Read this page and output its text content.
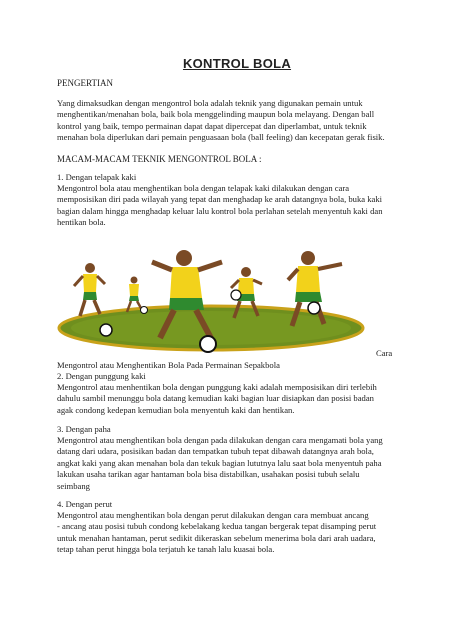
KONTROL BOLA
PENGERTIAN
Yang dimaksudkan dengan mengontrol bola adalah teknik yang digunakan pemain untuk
menghentikan/menahan bola, baik bola menggelinding maupun bola melayang. Dengan ball
kontrol yang baik, tempo permainan dapat dapat dipercepat dan diperlambat, untuk teknik
menahan bola diperlukan dari pemain penguasaan bola (ball feeling) dan kecepatan gerak fisik.
MACAM-MACAM TEKNIK MENGONTROL BOLA :
1. Dengan telapak kaki
Mengontrol bola atau menghentikan bola dengan telapak kaki dilakukan dengan cara
memposisikan diri pada wilayah yang tepat dan menghadap ke arah datangnya bola, buka kaki
bagian dalam hingga menghadap keluar lalu kontrol bola perlahan setelah menyentuh kaki dan
hentikan bola.
Cara
Mengontrol atau Menghentikan Bola Pada Permainan Sepakbola
2. Dengan punggung kaki
Mengontrol atau menhentikan bola dengan punggung kaki adalah memposisikan diri terlebih
dahulu sambil menunggu bola datang kemudian kaki bagian luar disiapkan dan posisi badan
agak condong kedepan kemudian bola menyentuh kaki dan hentikan.
3. Dengan paha
Mengontrol atau menghentikan bola dengan pada dilakukan dengan cara mengamati bola yang
datang dari udara, posisikan badan dan tempatkan tubuh tepat dibawah datangnya arah bola,
angkat kaki yang akan menahan bola dan tekuk bagian lututnya lalu saat bola menyentuh paha
lakukan usaha tarikan agar hantaman bola bisa distabilkan, usahakan posisi tubuh selalu
seimbang
4. Dengan perut
Mengontrol atau menghentikan bola dengan perut dilakukan dengan cara membuat ancang
- ancang atau posisi tubuh condong kebelakang kedua tangan bergerak tepat disamping perut
untuk menahan hantaman, perut sedikit dikeraskan sebelum menerima bola dari arah uadara,
tetap tahan perut hingga bola terjatuh ke tanah lalu kuasai bola.
